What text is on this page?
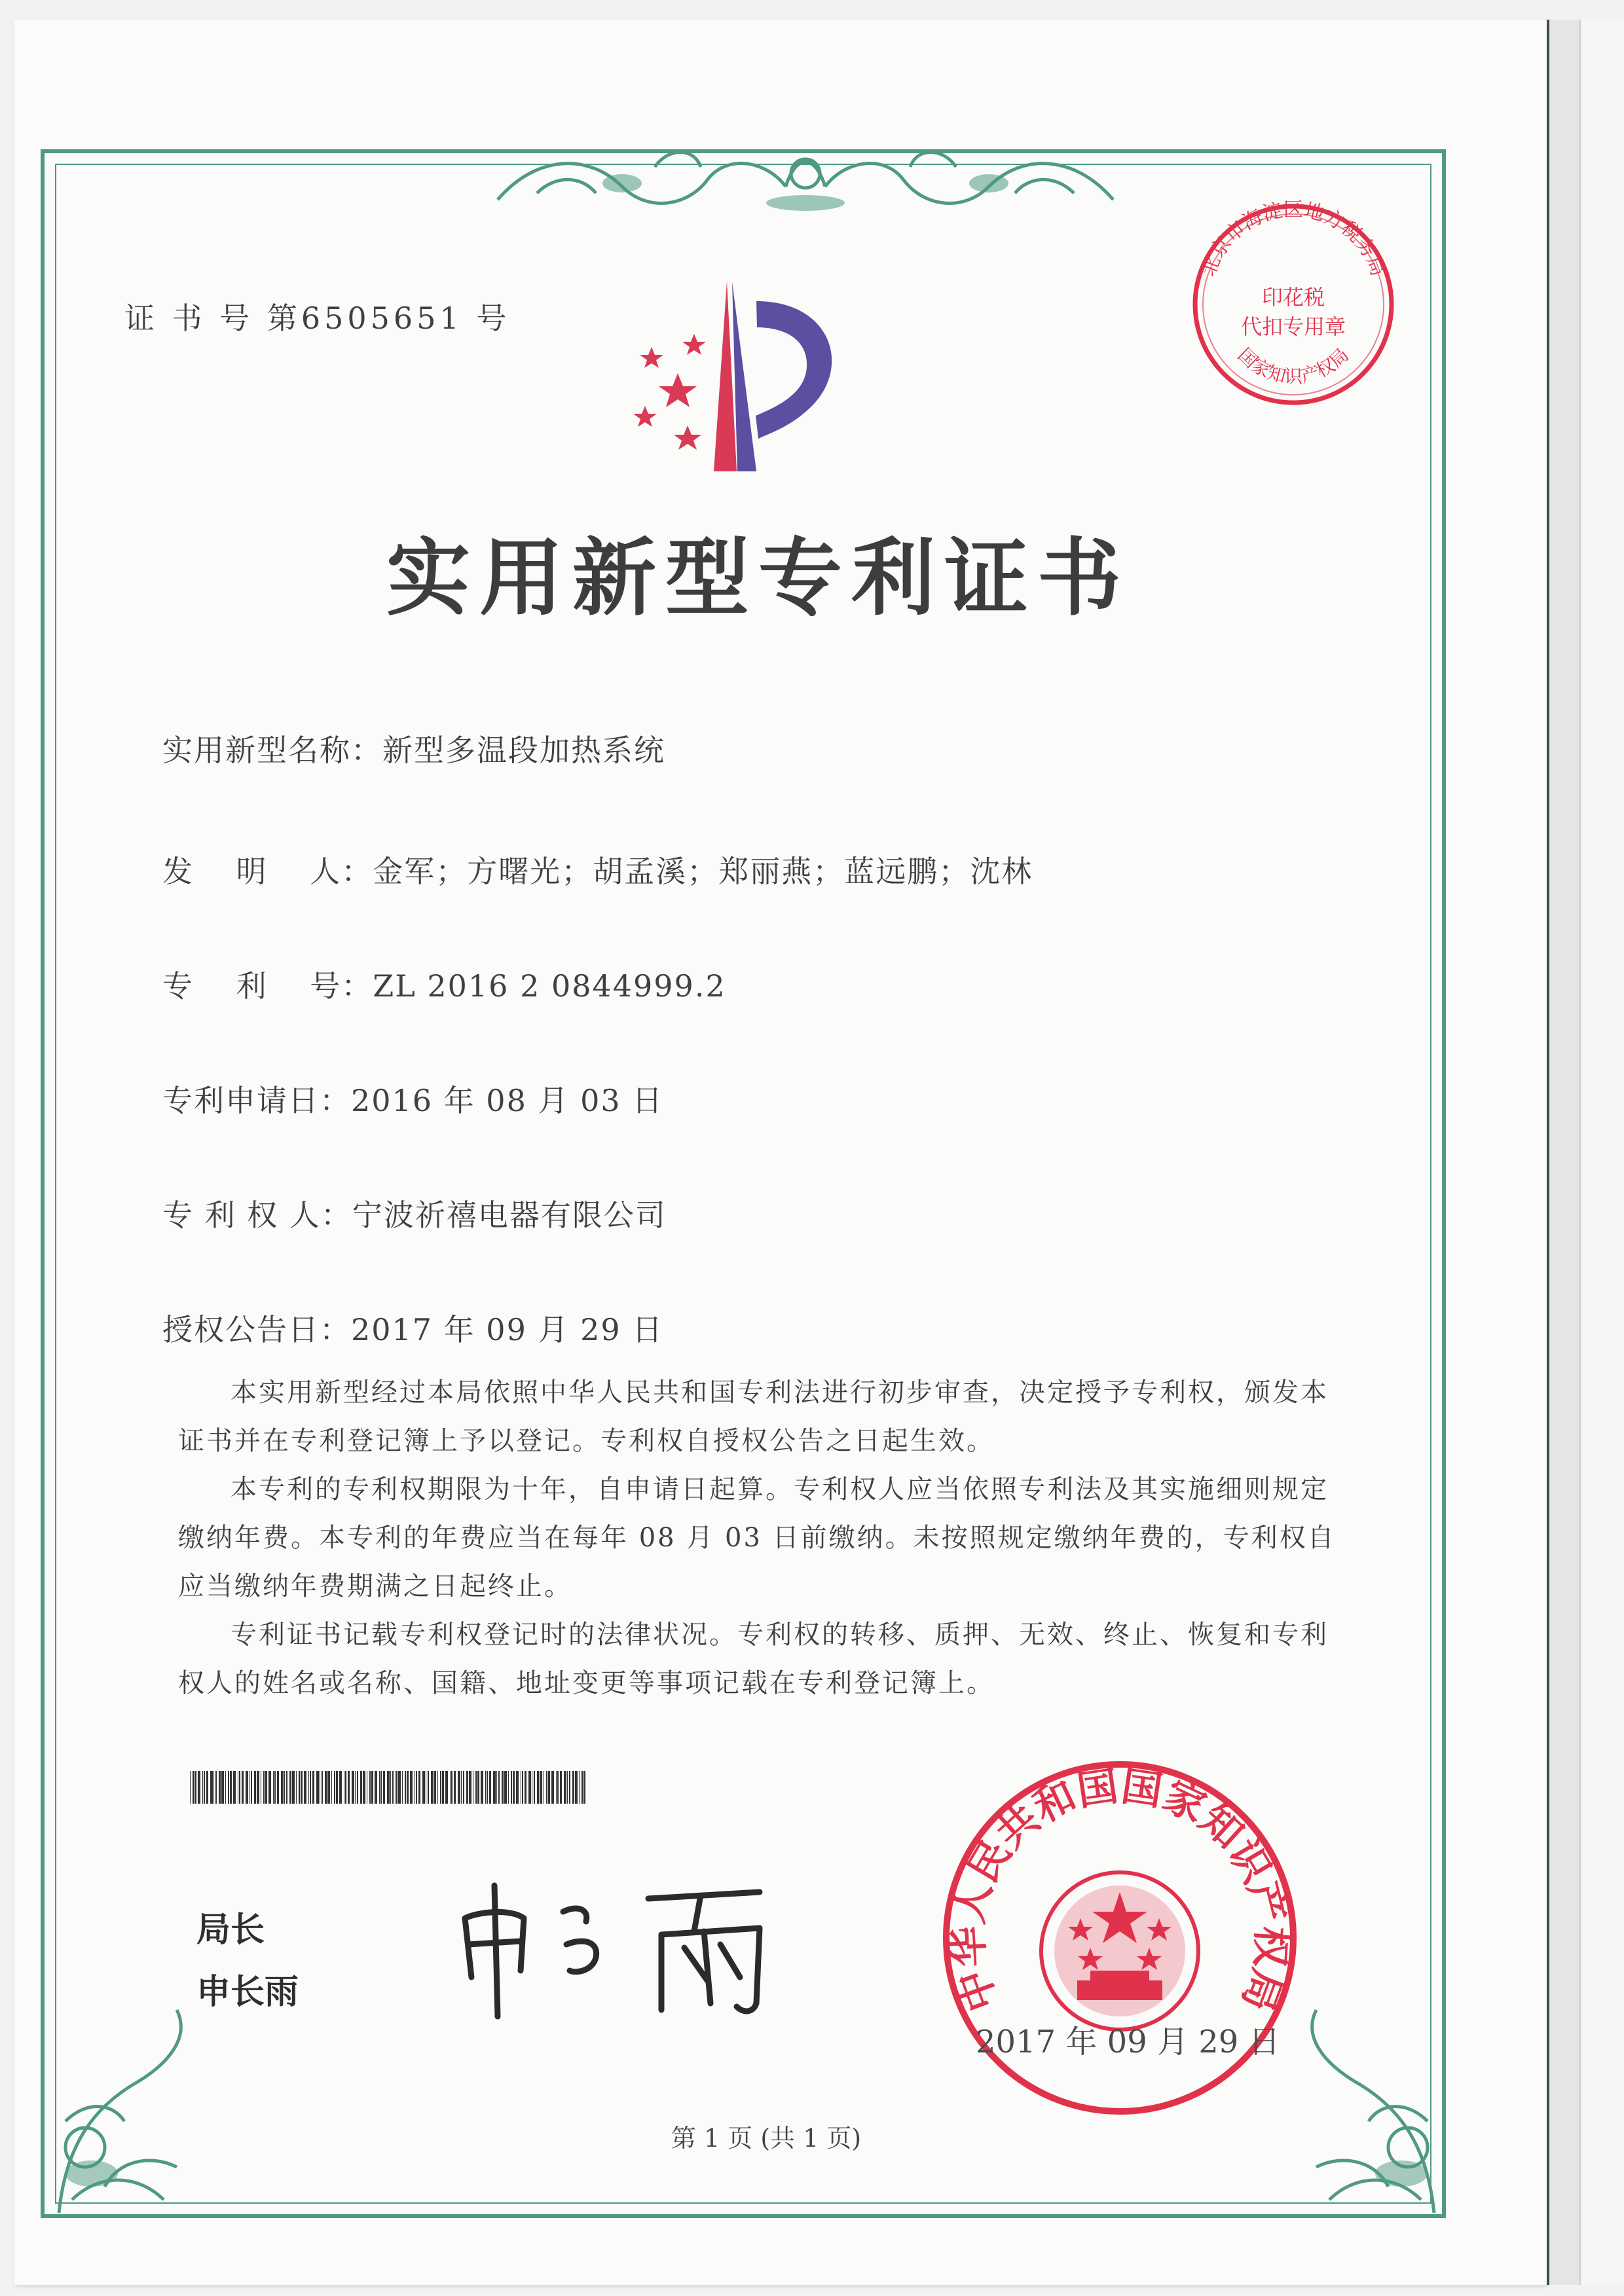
证 书 号 第6505651 号
北京市海淀区地方税务局
印花税
代扣专用章
国家知识产权局
实用新型专利证书
实用新型名称：新型多温段加热系统
发　 明　 人：金军；方曙光；胡孟溪；郑丽燕；蓝远鹏；沈林
专　 利　 号：ZL 2016 2 0844999.2
专利申请日：2016 年 08 月 03 日
专 利 权 人：宁波祈禧电器有限公司
授权公告日：2017 年 09 月 29 日

本实用新型经过本局依照中华人民共和国专利法进行初步审查，决定授予专利权，颁发本证书并在专利登记簿上予以登记。专利权自授权公告之日起生效。

本专利的专利权期限为十年，自申请日起算。专利权人应当依照专利法及其实施细则规定缴纳年费。本专利的年费应当在每年 08 月 03 日前缴纳。未按照规定缴纳年费的，专利权自应当缴纳年费期满之日起终止。

专利证书记载专利权登记时的法律状况。专利权的转移、质押、无效、终止、恢复和专利权人的姓名或名称、国籍、地址变更等事项记载在专利登记簿上。

局长
申长雨	中华人民共和国国家知识产权局
2017 年 09 月 29 日
第 1 页 (共 1 页)
